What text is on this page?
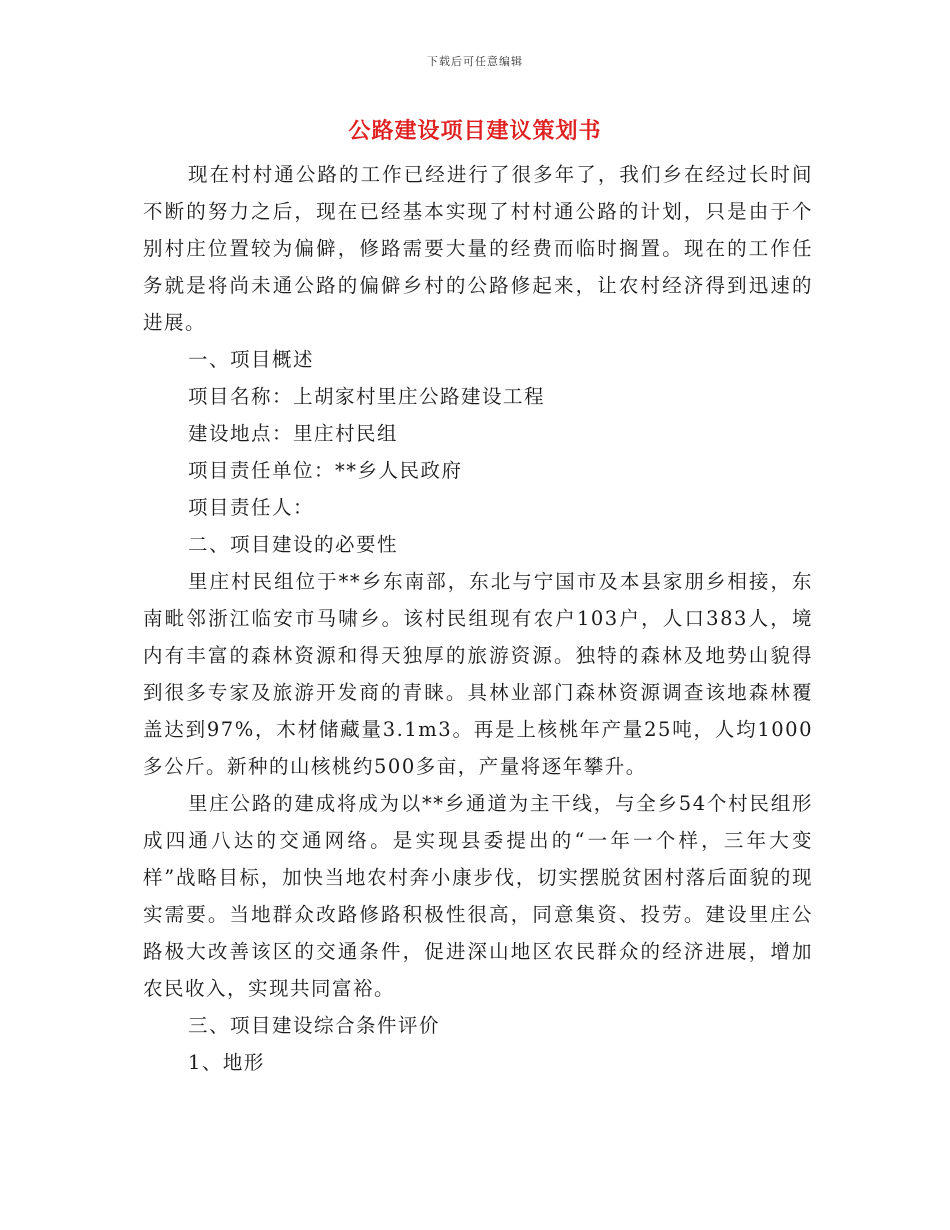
下载后可任意编辑
公路建设项目建议策划书

现在村村通公路的工作已经进行了很多年了，我们乡在经过长时间不断的努力之后，现在已经基本实现了村村通公路的计划，只是由于个别村庄位置较为偏僻，修路需要大量的经费而临时搁置。现在的工作任务就是将尚未通公路的偏僻乡村的公路修起来，让农村经济得到迅速的进展。

一、项目概述

项目名称：上胡家村里庄公路建设工程

建设地点：里庄村民组

项目责任单位：**乡人民政府

项目责任人：

二、项目建设的必要性

里庄村民组位于**乡东南部，东北与宁国市及本县家朋乡相接，东南毗邻浙江临安市马啸乡。该村民组现有农户103户，人口383人，境内有丰富的森林资源和得天独厚的旅游资源。独特的森林及地势山貌得到很多专家及旅游开发商的青睐。具林业部门森林资源调查该地森林覆盖达到97%，木材储藏量3.1m3。再是上核桃年产量25吨，人均1000多公斤。新种的山核桃约500多亩，产量将逐年攀升。

里庄公路的建成将成为以**乡通道为主干线，与全乡54个村民组形成四通八达的交通网络。是实现县委提出的“一年一个样，三年大变样”战略目标，加快当地农村奔小康步伐，切实摆脱贫困村落后面貌的现实需要。当地群众改路修路积极性很高，同意集资、投劳。建设里庄公路极大改善该区的交通条件，促进深山地区农民群众的经济进展，增加农民收入，实现共同富裕。

三、项目建设综合条件评价

1、地形
